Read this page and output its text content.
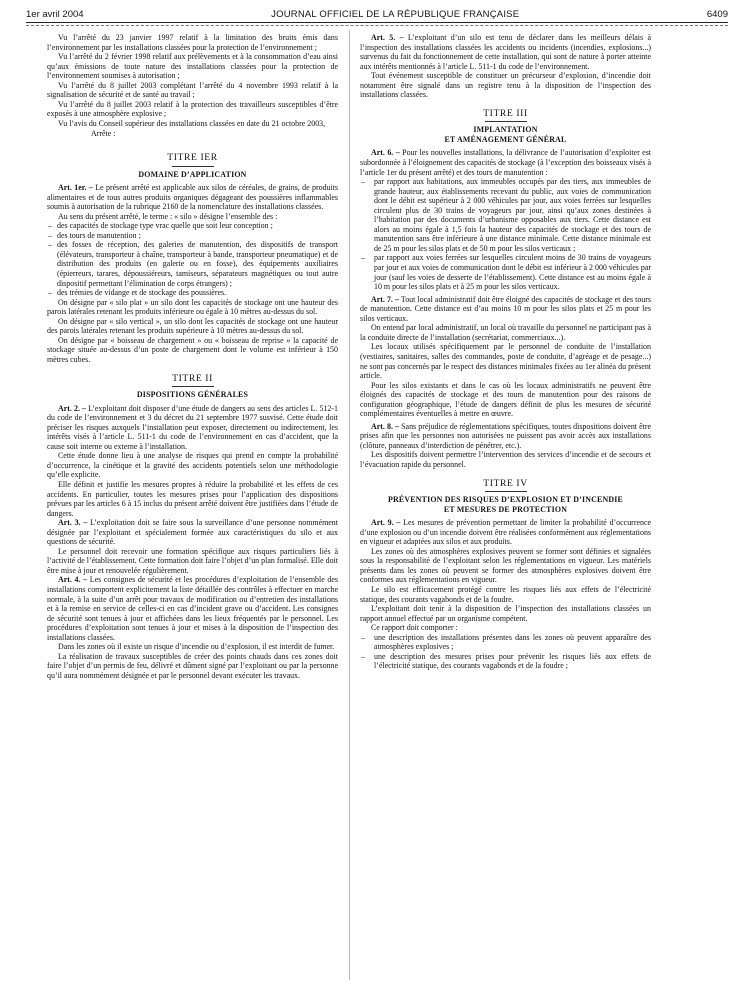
1er avril 2004	JOURNAL OFFICIEL DE LA RÉPUBLIQUE FRANÇAISE	6409

Vu l’arrêté du 23 janvier 1997 relatif à la limitation des bruits émis dans l’environnement par les installations classées pour la protection de l’environnement ;

Vu l’arrêté du 2 février 1998 relatif aux prélèvements et à la consommation d’eau ainsi qu’aux émissions de toute nature des installations classées pour la protection de l’environnement soumises à autorisation ;

Vu l’arrêté du 8 juillet 2003 complétant l’arrêté du 4 novembre 1993 relatif à la signalisation de sécurité et de santé au travail ;

Vu l’arrêté du 8 juillet 2003 relatif à la protection des travailleurs susceptibles d’être exposés à une atmosphère explosive ;

Vu l’avis du Conseil supérieur des installations classées en date du 21 octobre 2003,

Arrête :

TITRE IER
DOMAINE D’APPLICATION

Art. 1er. – Le présent arrêté est applicable aux silos de céréales, de grains, de produits alimentaires et de tous autres produits organiques dégageant des poussières inflammables soumis à autorisation de la rubrique 2160 de la nomenclature des installations classées.

Au sens du présent arrêté, le terme : « silo » désigne l’ensemble des :

– des capacités de stockage type vrac quelle que soit leur conception ;
– des tours de manutention ;
– des fosses de réception, des galeries de manutention, des dispositifs de transport (élévateurs, transporteur à chaîne, transporteur à bande, transporteur pneumatique) et de distribution des produits (en galerie ou en fosse), des équipements auxiliaires (épierreurs, tarares, dépoussiéreurs, tamiseurs, séparateurs magnétiques ou tout autre dispositif permettant l’élimination de corps étrangers) ;
– des trémies de vidange et de stockage des poussières.

On désigne par « silo plat » un silo dont les capacités de stockage ont une hauteur des parois latérales retenant les produits inférieure ou égale à 10 mètres au-dessus du sol.

On désigne par « silo vertical », un silo dont les capacités de stockage ont une hauteur des parois latérales retenant les produits supérieure à 10 mètres au-dessus du sol.

On désigne par « boisseau de chargement » ou « boisseau de reprise » la capacité de stockage située au-dessus d’un poste de chargement dont le volume est inférieur à 150 mètres cubes.

TITRE II
DISPOSITIONS GÉNÉRALES

Art. 2. – L’exploitant doit disposer d’une étude de dangers au sens des articles L. 512-1 du code de l’environnement et 3 du décret du 21 septembre 1977 susvisé. Cette étude doit préciser les risques auxquels l’installation peut exposer, directement ou indirectement, les intérêts visés à l’article L. 511-1 du code de l’environnement en cas d’accident, que la cause soit interne ou externe à l’installation.

Cette étude donne lieu à une analyse de risques qui prend en compte la probabilité d’occurrence, la cinétique et la gravité des accidents potentiels selon une méthodologie qu’elle explicite.

Elle définit et justifie les mesures propres à réduire la probabilité et les effets de ces accidents. En particulier, toutes les mesures prises pour l’application des dispositions prévues par les articles 6 à 15 inclus du présent arrêté doivent être justifiées dans l’étude de dangers.

Art. 3. – L’exploitation doit se faire sous la surveillance d’une personne nommément désignée par l’exploitant et spécialement formée aux caractéristiques du silo et aux questions de sécurité.

Le personnel doit recevoir une formation spécifique aux risques particuliers liés à l’activité de l’établissement. Cette formation doit faire l’objet d’un plan formalisé. Elle doit être mise à jour et renouvelée régulièrement.

Art. 4. – Les consignes de sécurité et les procédures d’exploitation de l’ensemble des installations comportent explicitement la liste détaillée des contrôles à effectuer en marche normale, à la suite d’un arrêt pour travaux de modification ou d’entretien des installations et à la remise en service de celles-ci en cas d’incident grave ou d’accident. Les consignes de sécurité sont tenues à jour et affichées dans les lieux fréquentés par le personnel. Les procédures d’exploitation sont tenues à jour et mises à la disposition de l’inspection des installations classées.

Dans les zones où il existe un risque d’incendie ou d’explosion, il est interdit de fumer.

La réalisation de travaux susceptibles de créer des points chauds dans ces zones doit faire l’objet d’un permis de feu, délivré et dûment signé par l’exploitant ou par la personne qu’il aura nommément désignée et par le personnel devant exécuter les travaux.

Art. 5. – L’exploitant d’un silo est tenu de déclarer dans les meilleurs délais à l’inspection des installations classées les accidents ou incidents (incendies, explosions...) survenus du fait du fonctionnement de cette installation, qui sont de nature à porter atteinte aux intérêts mentionnés à l’article L. 511-1 du code de l’environnement.

Tout événement susceptible de constituer un précurseur d’explosion, d’incendie doit notamment être signalé dans un registre tenu à la disposition de l’inspection des installations classées.

TITRE III
IMPLANTATION
ET AMÉNAGEMENT GÉNÉRAL

Art. 6. – Pour les nouvelles installations, la délivrance de l’autorisation d’exploiter est subordonnée à l’éloignement des capacités de stockage (à l’exception des boisseaux visés à l’article 1er du présent arrêté) et des tours de manutention :

– par rapport aux habitations, aux immeubles occupés par des tiers, aux immeubles de grande hauteur, aux établissements recevant du public, aux voies de communication dont le débit est supérieur à 2 000 véhicules par jour, aux voies ferrées sur lesquelles circulent plus de 30 trains de voyageurs par jour, ainsi qu’aux zones destinées à l’habitation par des documents d’urbanisme opposables aux tiers. Cette distance est alors au moins égale à 1,5 fois la hauteur des capacités de stockage et des tours de manutention sans être inférieure à une distance minimale. Cette distance minimale est de 25 m pour les silos plats et de 50 m pour les silos verticaux ;
– par rapport aux voies ferrées sur lesquelles circulent moins de 30 trains de voyageurs par jour et aux voies de communication dont le débit est inférieur à 2 000 véhicules par jour (sauf les voies de desserte de l’établissement). Cette distance est au moins égale à 10 m pour les silos plats et à 25 m pour les silos verticaux.

Art. 7. – Tout local administratif doit être éloigné des capacités de stockage et des tours de manutention. Cette distance est d’au moins 10 m pour les silos plats et 25 m pour les silos verticaux.

On entend par local administratif, un local où travaille du personnel ne participant pas à la conduite directe de l’installation (secrétariat, commerciaux...).

Les locaux utilisés spécifiquement par le personnel de conduite de l’installation (vestiaires, sanitaires, salles des commandes, poste de conduite, d’agréage et de pesage...) ne sont pas concernés par le respect des distances minimales fixées au 1er alinéa du présent article.

Pour les silos existants et dans le cas où les locaux administratifs ne peuvent être éloignés des capacités de stockage et des tours de manutention pour des raisons de configuration géographique, l’étude de dangers définit de plus les mesures de sécurité complémentaires éventuelles à mettre en œuvre.

Art. 8. – Sans préjudice de réglementations spécifiques, toutes dispositions doivent être prises afin que les personnes non autorisées ne puissent pas avoir accès aux installations (clôture, panneaux d’interdiction de pénétrer, etc.).

Les dispositifs doivent permettre l’intervention des services d’incendie et de secours et l’évacuation rapide du personnel.

TITRE IV
PRÉVENTION DES RISQUES D’EXPLOSION ET D’INCENDIE
ET MESURES DE PROTECTION

Art. 9. – Les mesures de prévention permettant de limiter la probabilité d’occurrence d’une explosion ou d’un incendie doivent être réalisées conformément aux réglementations en vigueur et adaptées aux silos et aux produits.

Les zones où des atmosphères explosives peuvent se former sont définies et signalées sous la responsabilité de l’exploitant selon les réglementations en vigueur. Les matériels présents dans les zones où peuvent se former des atmosphères explosives doivent être conformes aux réglementations en vigueur.

Le silo est efficacement protégé contre les risques liés aux effets de l’électricité statique, des courants vagabonds et de la foudre.

L’exploitant doit tenir à la disposition de l’inspection des installations classées un rapport annuel effectué par un organisme compétent.

Ce rapport doit comporter :

– une description des installations présentes dans les zones où peuvent apparaître des atmosphères explosives ;
– une description des mesures prises pour prévenir les risques liés aux effets de l’électricité statique, des courants vagabonds et de la foudre ;
